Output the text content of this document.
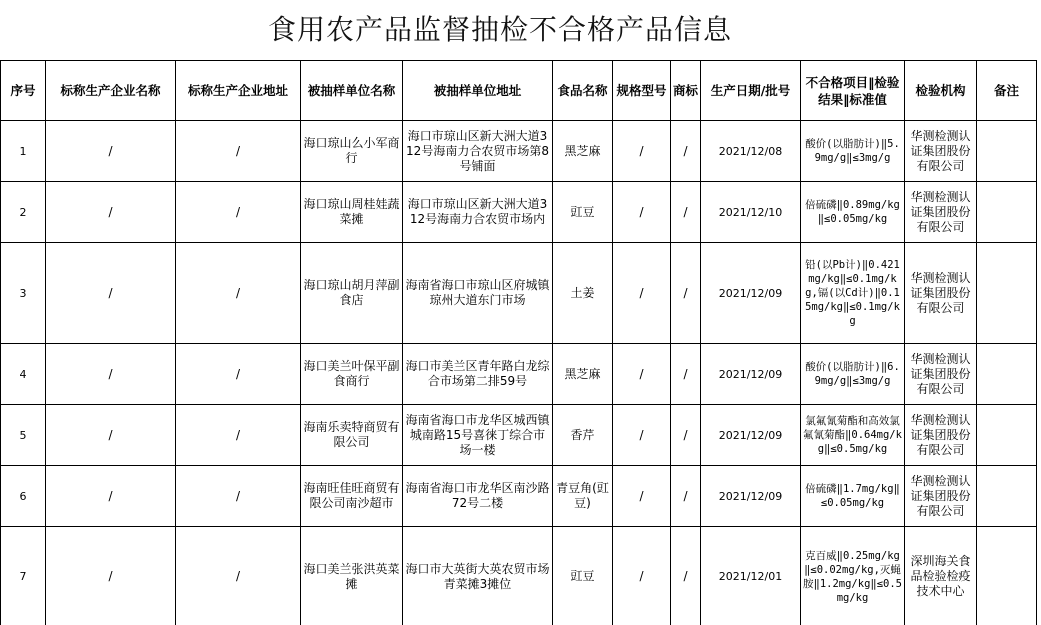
食用农产品监督抽检不合格产品信息
序号	标称生产企业名称	标称生产企业地址	被抽样单位名称	被抽样单位地址	食品名称	规格型号	商标	生产日期/批号	不合格项目‖检验结果‖标准值	检验机构	备注
1	/	/	海口琼山么小军商行	海口市琼山区新大洲大道312号海南力合农贸市场第8号铺面	黑芝麻	/	/	2021/12/08	酸价(以脂肪计)‖5.9mg/g‖≤3mg/g	华测检测认证集团股份有限公司	
2	/	/	海口琼山周桂娃蔬菜摊	海口市琼山区新大洲大道312号海南力合农贸市场内	豇豆	/	/	2021/12/10	倍硫磷‖0.89mg/kg‖≤0.05mg/kg	华测检测认证集团股份有限公司	
3	/	/	海口琼山胡月萍副食店	海南省海口市琼山区府城镇琼州大道东门市场	土姜	/	/	2021/12/09	铅(以Pb计)‖0.421mg/kg‖≤0.1mg/kg,镉(以Cd计)‖0.15mg/kg‖≤0.1mg/kg	华测检测认证集团股份有限公司	
4	/	/	海口美兰叶保平副食商行	海口市美兰区青年路白龙综合市场第二排59号	黑芝麻	/	/	2021/12/09	酸价(以脂肪计)‖6.9mg/g‖≤3mg/g	华测检测认证集团股份有限公司	
5	/	/	海南乐卖特商贸有限公司	海南省海口市龙华区城西镇城南路15号喜徕丁综合市场一楼	香芹	/	/	2021/12/09	氯氟氰菊酯和高效氯氟氰菊酯‖0.64mg/kg‖≤0.5mg/kg	华测检测认证集团股份有限公司	
6	/	/	海南旺佳旺商贸有限公司南沙超市	海南省海口市龙华区南沙路72号二楼	青豆角(豇豆)	/	/	2021/12/09	倍硫磷‖1.7mg/kg‖≤0.05mg/kg	华测检测认证集团股份有限公司	
7	/	/	海口美兰张洪英菜摊	海口市大英街大英农贸市场青菜摊3摊位	豇豆	/	/	2021/12/01	克百威‖0.25mg/kg‖≤0.02mg/kg,灭蝇胺‖1.2mg/kg‖≤0.5mg/kg	深圳海关食品检验检疫技术中心	
